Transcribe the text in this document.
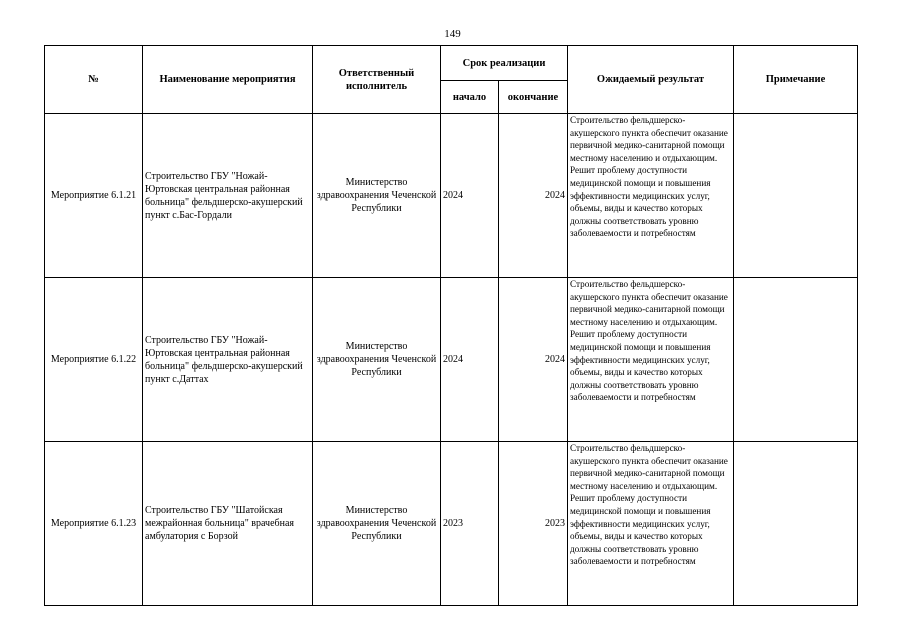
149
№	Наименование мероприятия	Ответственный исполнитель	Срок реализации		Ожидаемый результат	Примечание
			начало	окончание		
Мероприятие 6.1.21	Строительство ГБУ "Ножай-Юртовская центральная районная больница" фельдшерско-акушерский пункт с.Бас-Гордали	Министерство здравоохранения Чеченской Республики	2024	2024	Строительство фельдшерско-акушерского пункта обеспечит оказание первичной медико-санитарной помощи местному населению и отдыхающим. Решит проблему доступности медицинской помощи и повышения эффективности медицинских услуг, объемы, виды и качество которых должны соответствовать уровню заболеваемости и потребностям	

Мероприятие 6.1.22	Строительство ГБУ "Ножай-Юртовская центральная районная больница" фельдшерско-акушерский пункт с.Даттах	Министерство здравоохранения Чеченской Республики	2024	2024	Строительство фельдшерско-акушерского пункта обеспечит оказание первичной медико-санитарной помощи местному населению и отдыхающим. Решит проблему доступности медицинской помощи и повышения эффективности медицинских услуг, объемы, виды и качество которых должны соответствовать уровню заболеваемости и потребностям	

Мероприятие 6.1.23	Строительство ГБУ "Шатойская межрайонная больница" врачебная амбулатория с Борзой	Министерство здравоохранения Чеченской Республики	2023	2023	Строительство фельдшерско-акушерского пункта обеспечит оказание первичной медико-санитарной помощи местному населению и отдыхающим. Решит проблему доступности медицинской помощи и повышения эффективности медицинских услуг, объемы, виды и качество которых должны соответствовать уровню заболеваемости и потребностям	
